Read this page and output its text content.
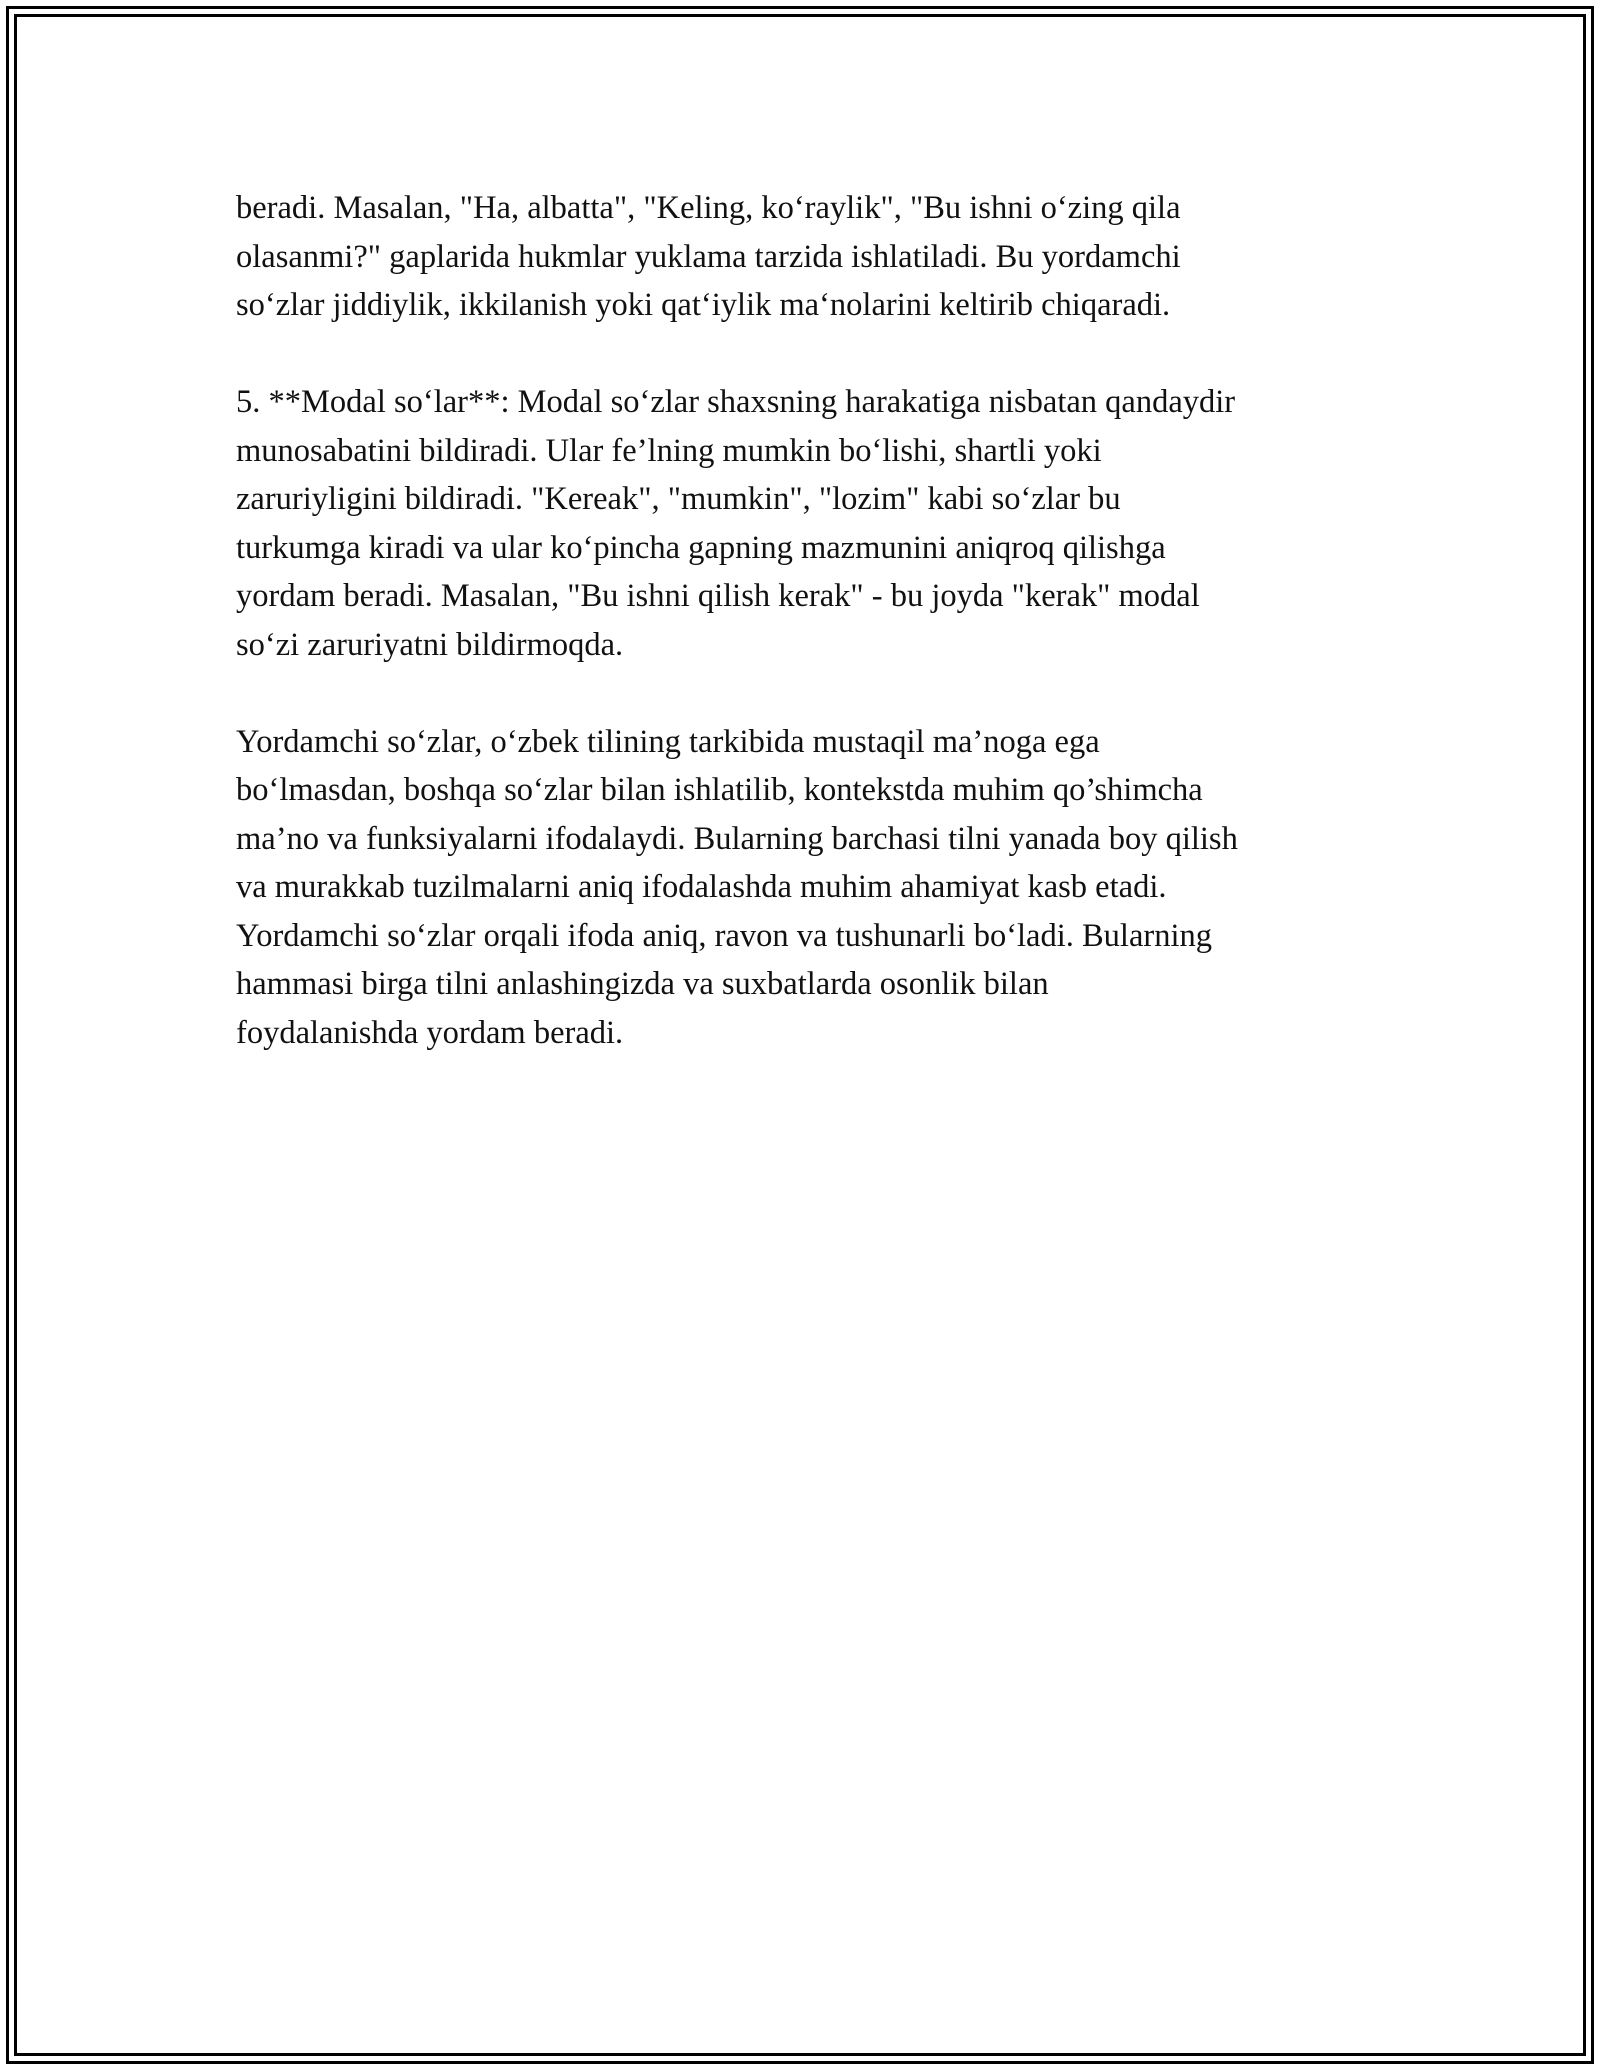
beradi. Masalan, "Ha, albatta", "Keling, ko‘raylik", "Bu ishni o‘zing qila
olasanmi?" gaplarida hukmlar yuklama tarzida ishlatiladi. Bu yordamchi
so‘zlar jiddiylik, ikkilanish yoki qat‘iylik ma‘nolarini keltirib chiqaradi.

5. **Modal so‘lar**: Modal so‘zlar shaxsning harakatiga nisbatan qandaydir
munosabatini bildiradi. Ular fe’lning mumkin bo‘lishi, shartli yoki
zaruriyligini bildiradi. "Kereak", "mumkin", "lozim" kabi so‘zlar bu
turkumga kiradi va ular ko‘pincha gapning mazmunini aniqroq qilishga
yordam beradi. Masalan, "Bu ishni qilish kerak" - bu joyda "kerak" modal
so‘zi zaruriyatni bildirmoqda.

Yordamchi so‘zlar, o‘zbek tilining tarkibida mustaqil ma’noga ega
bo‘lmasdan, boshqa so‘zlar bilan ishlatilib, kontekstda muhim qo’shimcha
ma’no va funksiyalarni ifodalaydi. Bularning barchasi tilni yanada boy qilish
va murakkab tuzilmalarni aniq ifodalashda muhim ahamiyat kasb etadi.
Yordamchi so‘zlar orqali ifoda aniq, ravon va tushunarli bo‘ladi. Bularning
hammasi birga tilni anlashingizda va suxbatlarda osonlik bilan
foydalanishda yordam beradi.
